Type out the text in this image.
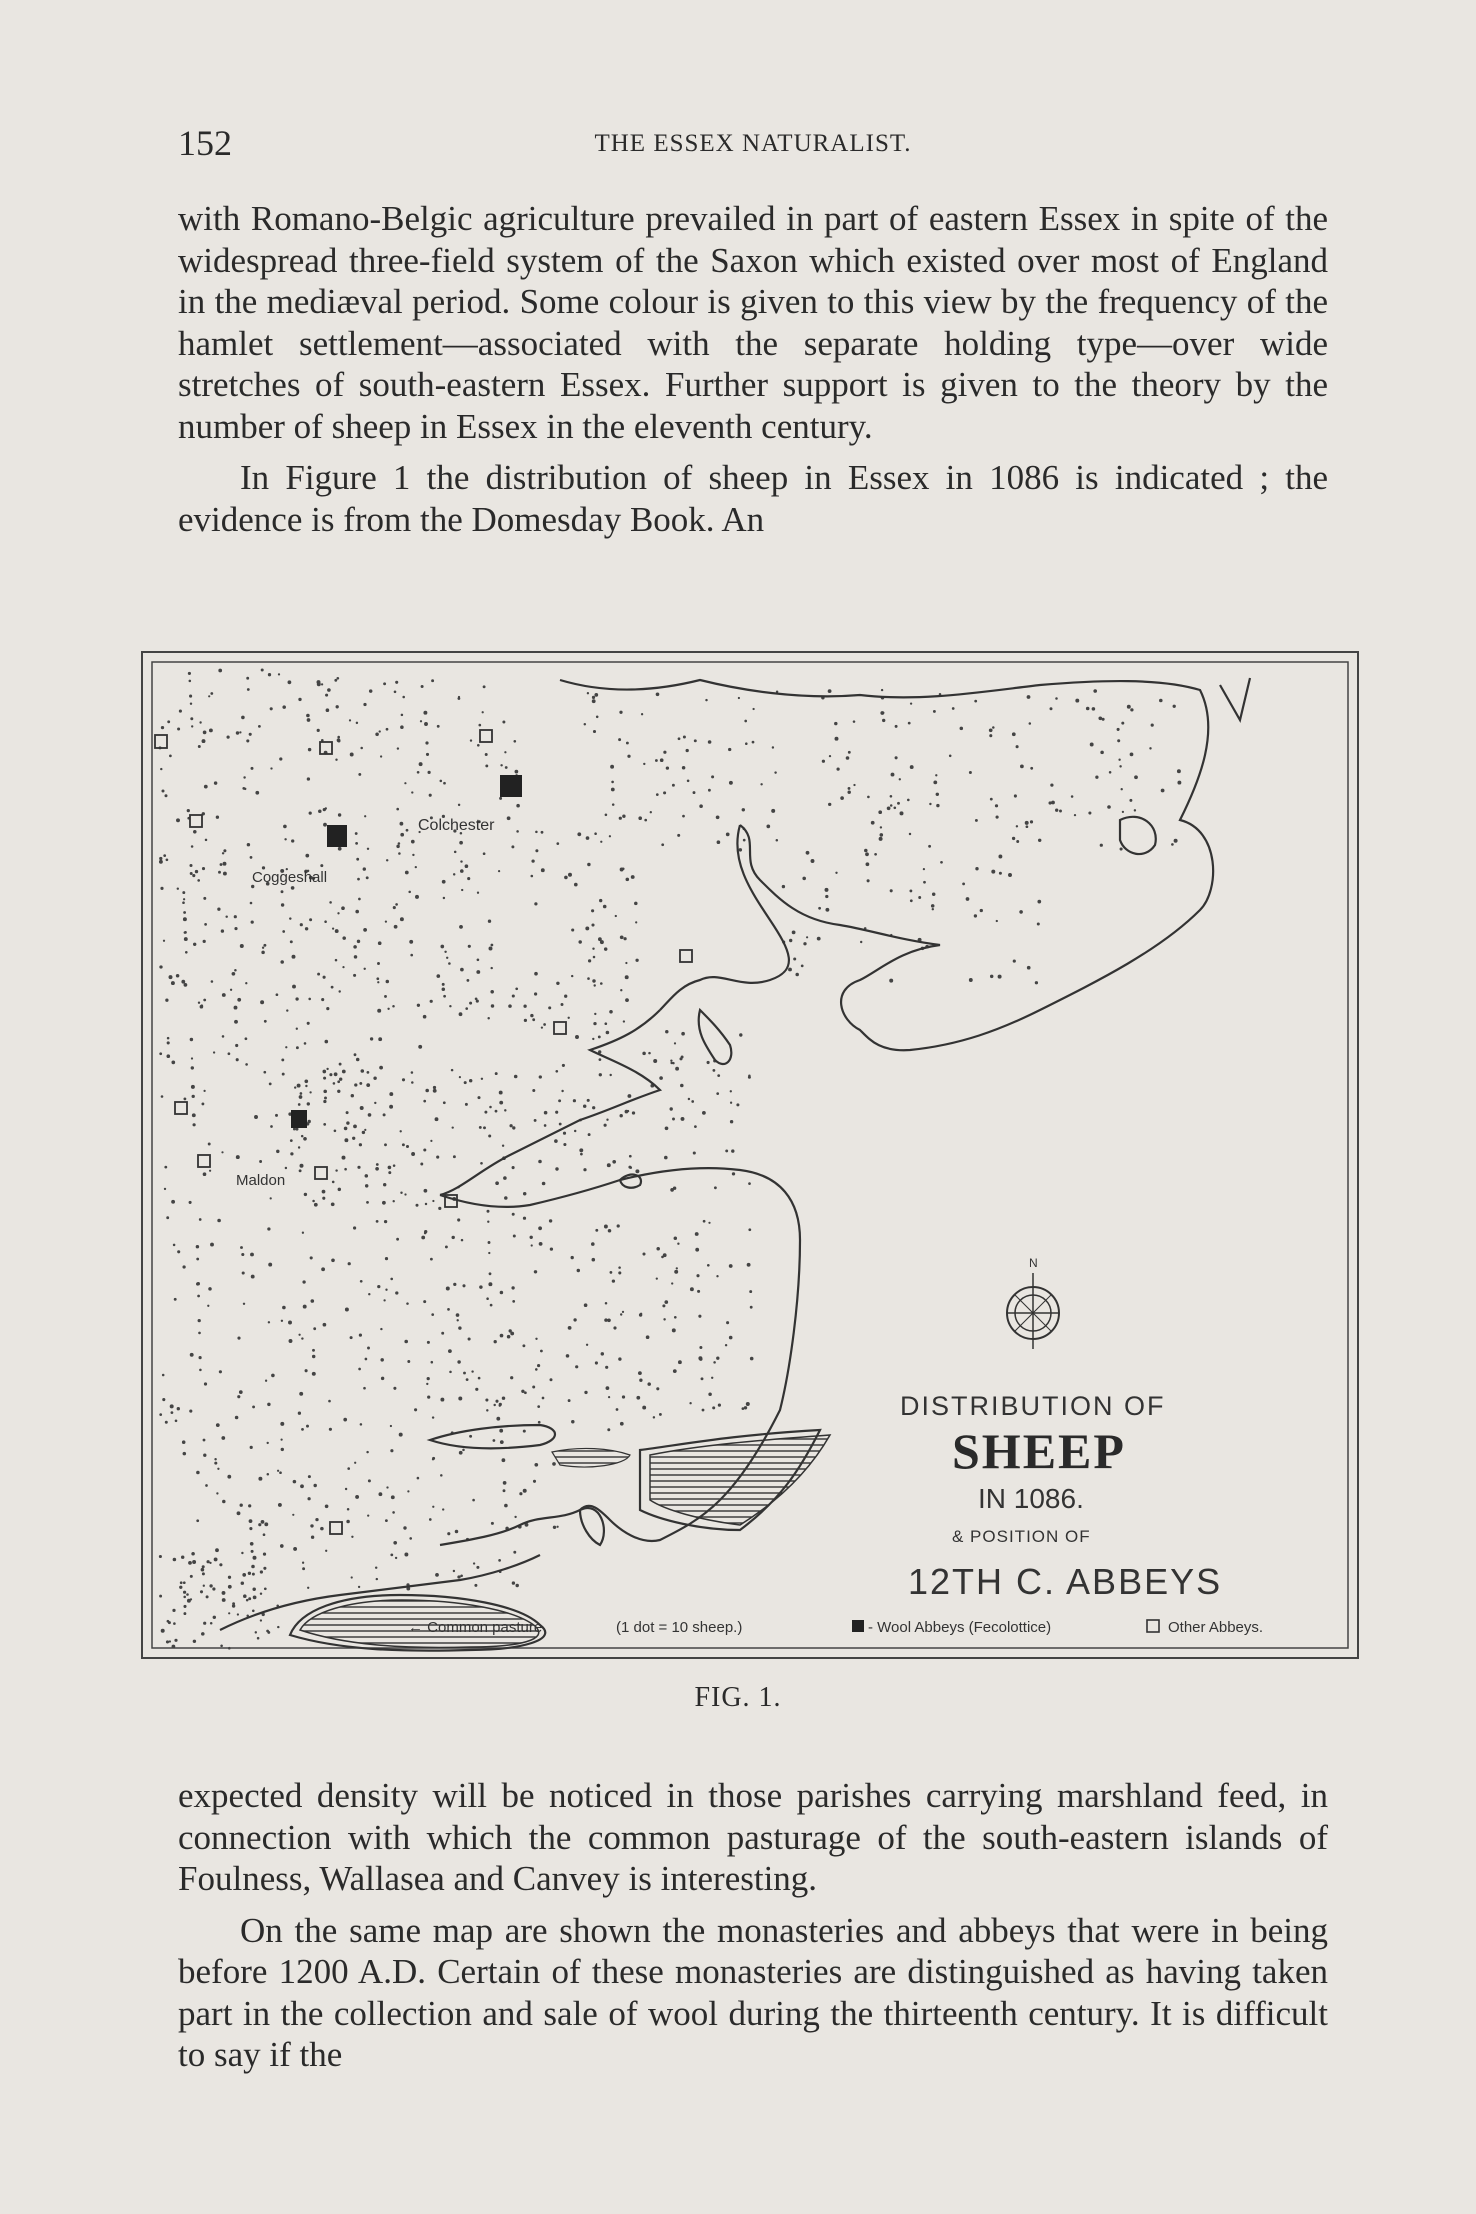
152	THE ESSEX NATURALIST.

with Romano-Belgic agriculture prevailed in part of eastern Essex in spite of the widespread three-field system of the Saxon which existed over most of England in the mediæval period. Some colour is given to this view by the frequency of the hamlet settlement—associated with the separate holding type—over wide stretches of south-eastern Essex. Further support is given to the theory by the number of sheep in Essex in the eleventh century.

In Figure 1 the distribution of sheep in Essex in 1086 is indicated ; the evidence is from the Domesday Book. An

Colchester
Coggeshall
Maldon
N
DISTRIBUTION OF
SHEEP
IN 1086.
& POSITION OF
12TH C. ABBEYS
← Common pasture	(1 dot = 10 sheep.)	- Wool Abbeys (Fecolottice)	Other Abbeys.
FIG. 1.

expected density will be noticed in those parishes carrying marshland feed, in connection with which the common pasturage of the south-eastern islands of Foulness, Wallasea and Canvey is interesting.

On the same map are shown the monasteries and abbeys that were in being before 1200 A.D. Certain of these monasteries are distinguished as having taken part in the collection and sale of wool during the thirteenth century. It is difficult to say if the
